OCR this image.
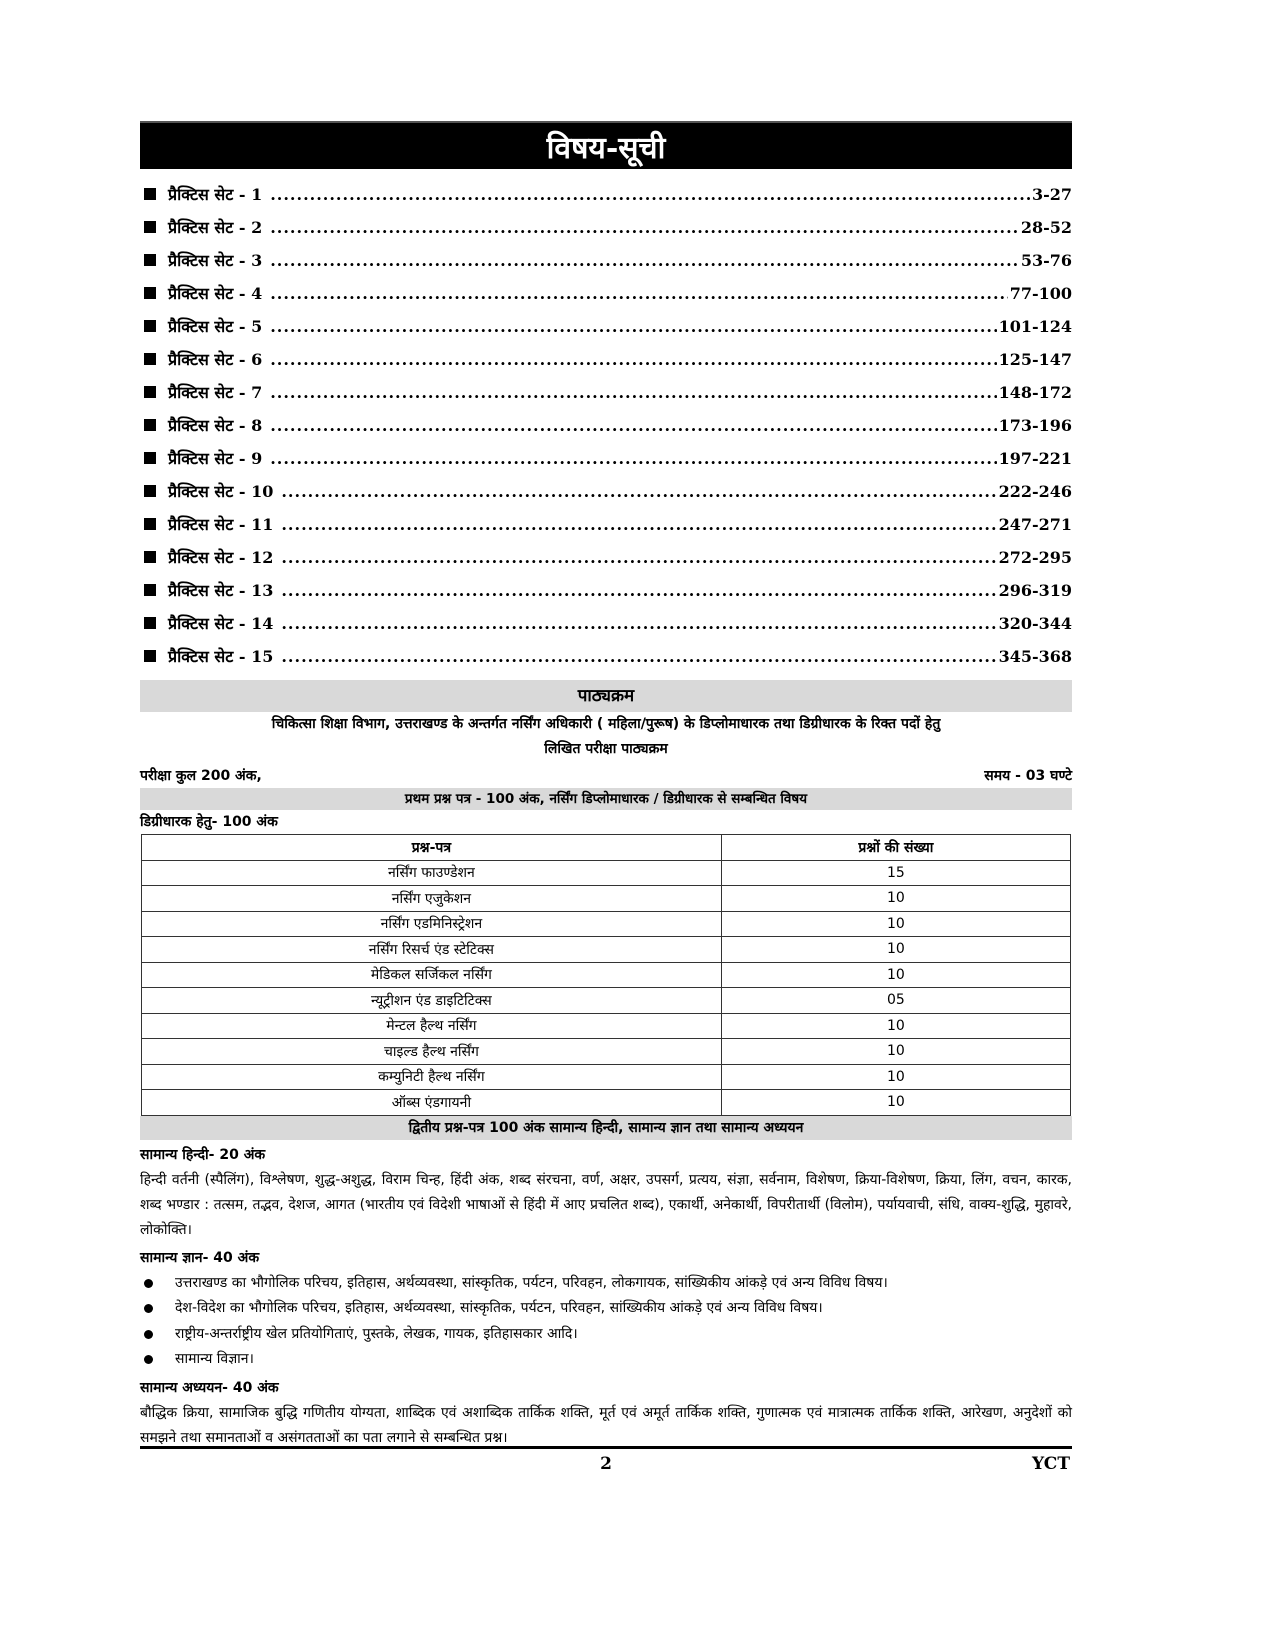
विषय-सूची
प्रैक्टिस सेट - 1 .....	3-27
प्रैक्टिस सेट - 2 .....	28-52
प्रैक्टिस सेट - 3 .....	53-76
प्रैक्टिस सेट - 4 .....	77-100
प्रैक्टिस सेट - 5 .....	101-124
प्रैक्टिस सेट - 6 .....	125-147
प्रैक्टिस सेट - 7 .....	148-172
प्रैक्टिस सेट - 8 .....	173-196
प्रैक्टिस सेट - 9 .....	197-221
प्रैक्टिस सेट - 10 .....	222-246
प्रैक्टिस सेट - 11 .....	247-271
प्रैक्टिस सेट - 12 .....	272-295
प्रैक्टिस सेट - 13 .....	296-319
प्रैक्टिस सेट - 14 .....	320-344
प्रैक्टिस सेट - 15 .....	345-368
पाठ्यक्रम
चिकित्सा शिक्षा विभाग, उत्तराखण्ड के अन्तर्गत नर्सिंग अधिकारी ( महिला/पुरूष) के डिप्लोमाधारक तथा डिग्रीधारक के रिक्त पदों हेतु
लिखित परीक्षा पाठ्यक्रम
परीक्षा कुल 200 अंक,	समय - 03 घण्टे
प्रथम प्रश्न पत्र - 100 अंक, नर्सिंग डिप्लोमाधारक / डिग्रीधारक से सम्बन्धित विषय
डिग्रीधारक हेतु- 100 अंक
प्रश्न-पत्र	प्रश्नों की संख्या
नर्सिंग फाउण्डेशन	15
नर्सिंग एजुकेशन	10
नर्सिंग एडमिनिस्ट्रेशन	10
नर्सिंग रिसर्च एंड स्टेटिक्स	10
मेडिकल सर्जिकल नर्सिंग	10
न्यूट्रीशन एंड डाइटिटिक्स	05
मेन्टल हैल्थ नर्सिंग	10
चाइल्ड हैल्थ नर्सिंग	10
कम्युनिटी हैल्थ नर्सिंग	10
ऑब्स एंडगायनी	10
द्वितीय प्रश्न-पत्र 100 अंक सामान्य हिन्दी, सामान्य ज्ञान तथा सामान्य अध्ययन
सामान्य हिन्दी- 20 अंक
हिन्दी वर्तनी (स्पैलिंग), विश्लेषण, शुद्ध-अशुद्ध, विराम चिन्ह, हिंदी अंक, शब्द संरचना, वर्ण, अक्षर, उपसर्ग, प्रत्यय, संज्ञा, सर्वनाम, विशेषण, क्रिया-विशेषण, क्रिया, लिंग, वचन, कारक, शब्द भण्डार : तत्सम, तद्भव, देशज, आगत (भारतीय एवं विदेशी भाषाओं से हिंदी में आए प्रचलित शब्द), एकार्थी, अनेकार्थी, विपरीतार्थी (विलोम), पर्यायवाची, संधि, वाक्य-शुद्धि, मुहावरे, लोकोक्ति।
सामान्य ज्ञान- 40 अंक
उत्तराखण्ड का भौगोलिक परिचय, इतिहास, अर्थव्यवस्था, सांस्कृतिक, पर्यटन, परिवहन, लोकगायक, सांख्यिकीय आंकड़े एवं अन्य विविध विषय।
देश-विदेश का भौगोलिक परिचय, इतिहास, अर्थव्यवस्था, सांस्कृतिक, पर्यटन, परिवहन, सांख्यिकीय आंकड़े एवं अन्य विविध विषय।
राष्ट्रीय-अन्तर्राष्ट्रीय खेल प्रतियोगिताएं, पुस्तके, लेखक, गायक, इतिहासकार आदि।
सामान्य विज्ञान।
सामान्य अध्ययन- 40 अंक
बौद्धिक क्रिया, सामाजिक बुद्धि गणितीय योग्यता, शाब्दिक एवं अशाब्दिक तार्किक शक्ति, मूर्त एवं अमूर्त तार्किक शक्ति, गुणात्मक एवं मात्रात्मक तार्किक शक्ति, आरेखण, अनुदेशों को समझने तथा समानताओं व असंगतताओं का पता लगाने से सम्बन्धित प्रश्न।
2	YCT
